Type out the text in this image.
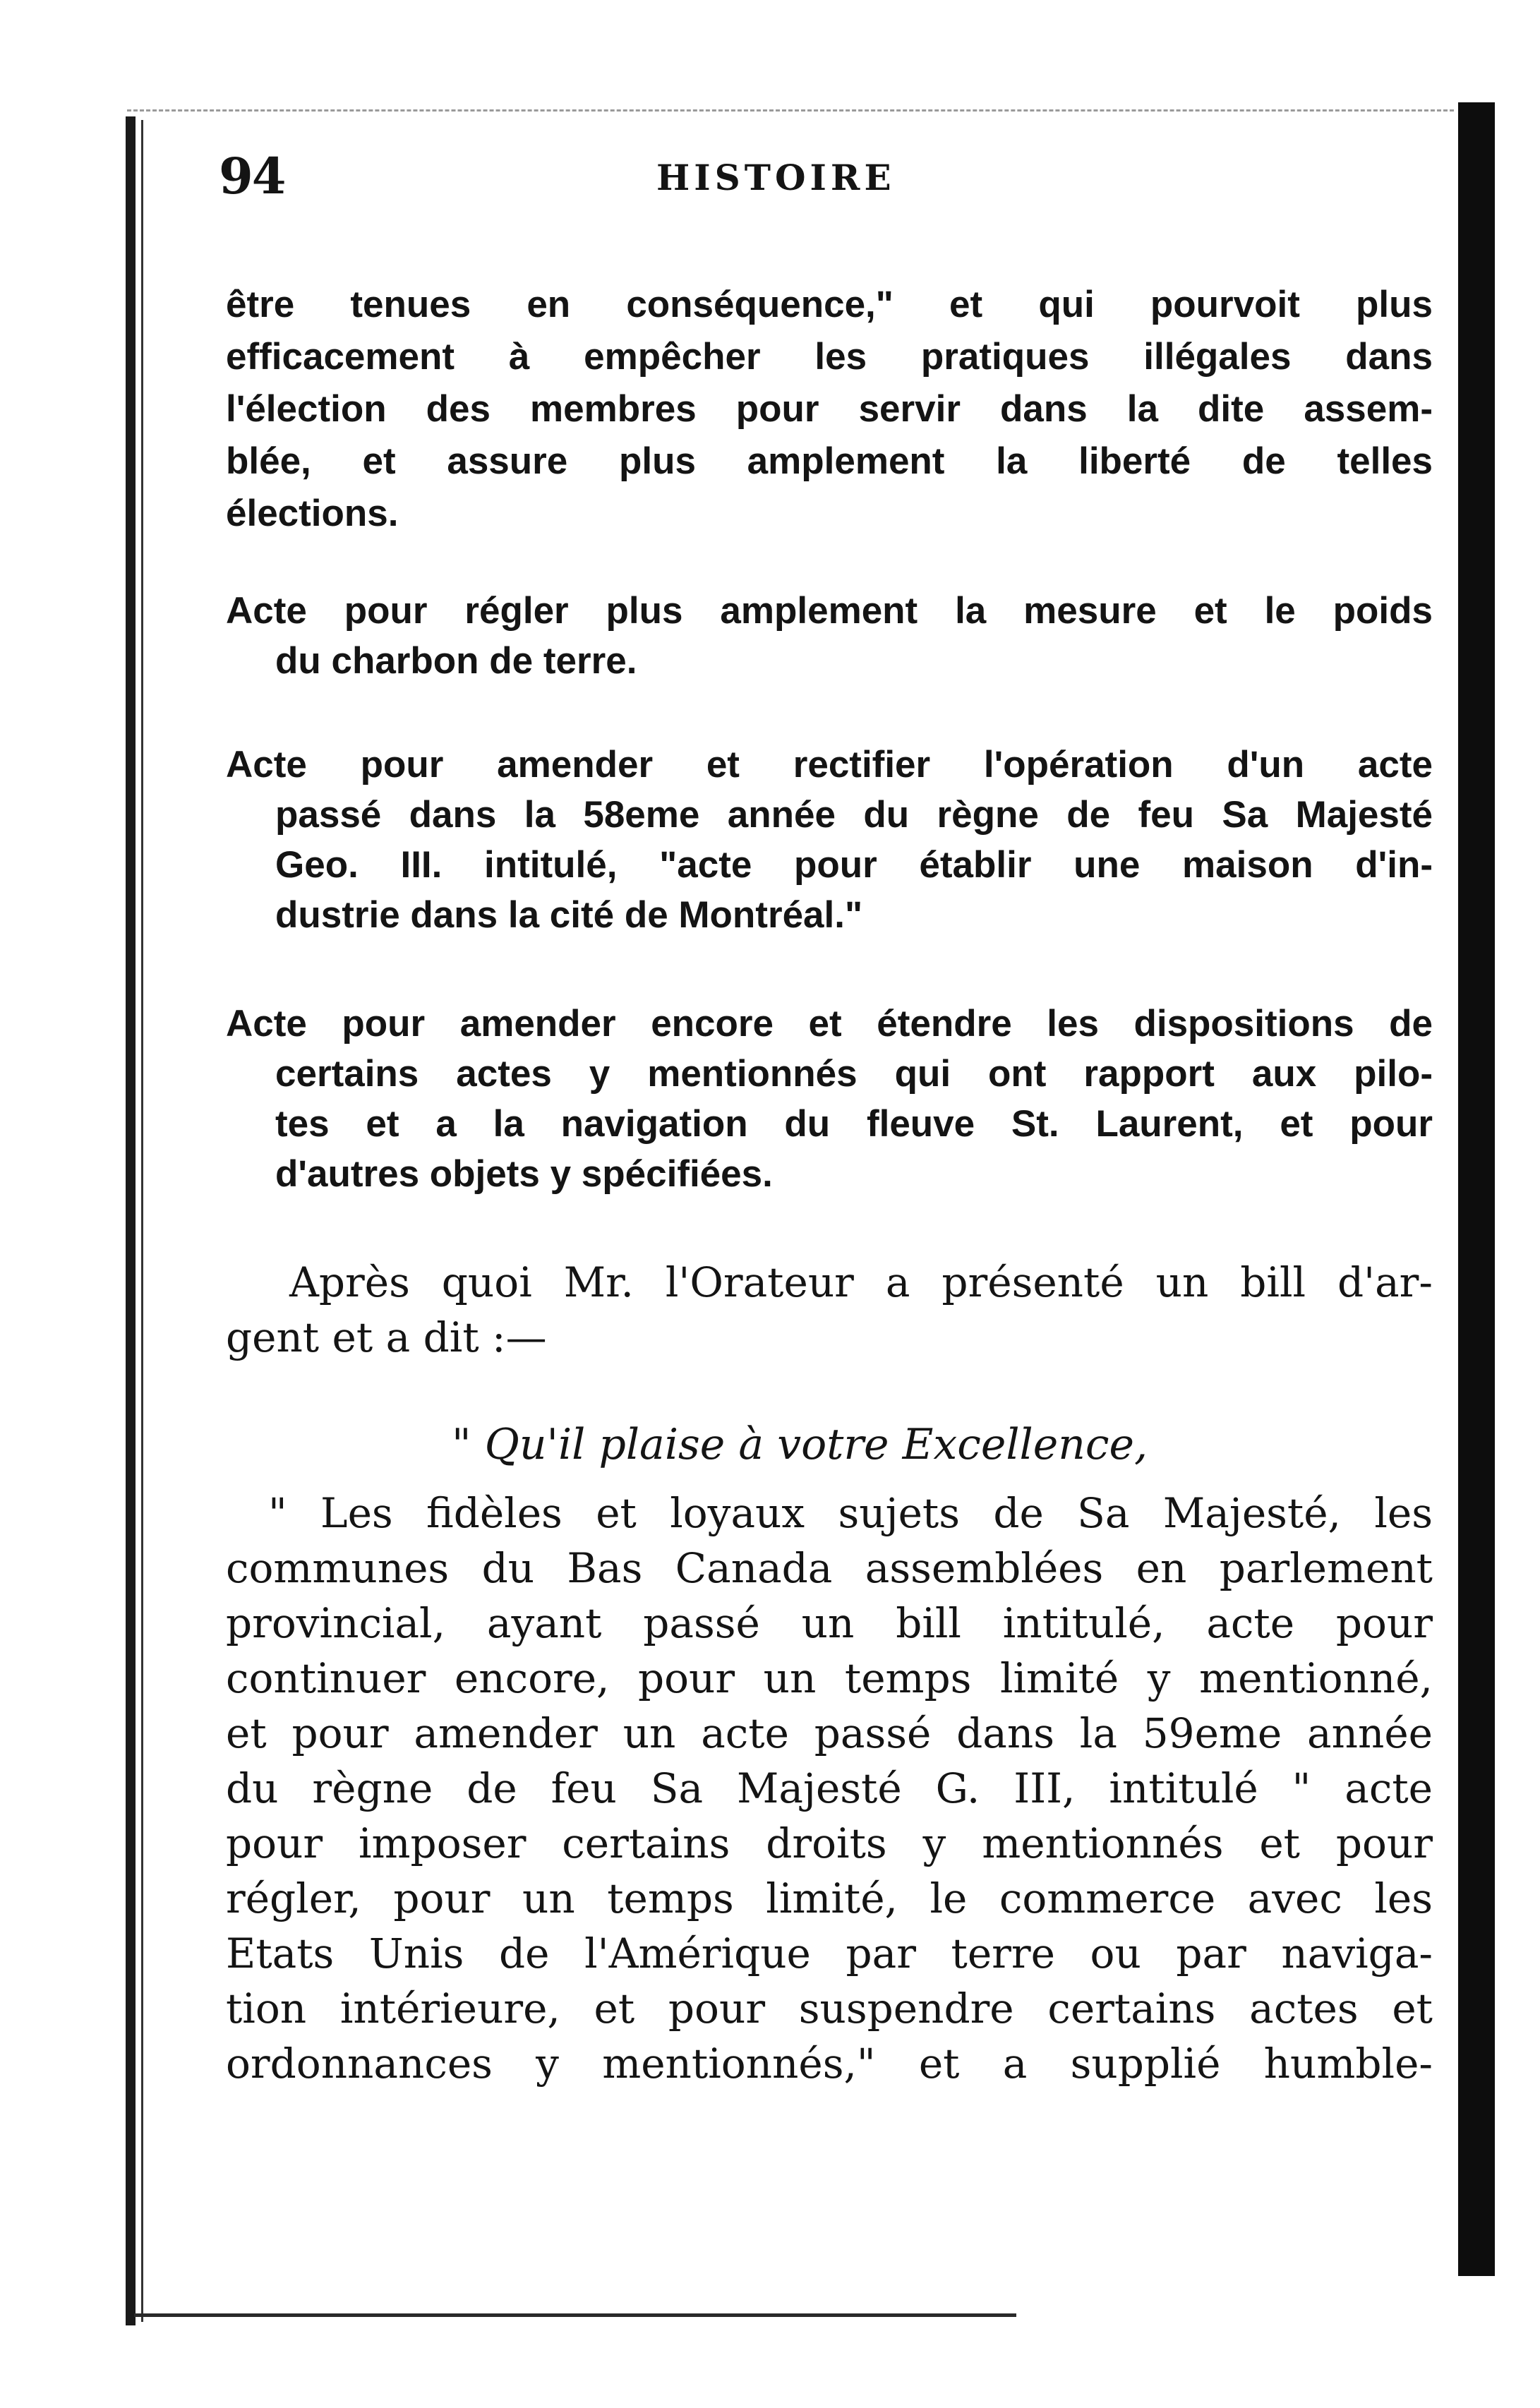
94	HISTOIRE
être tenues en conséquence," et qui pourvoit plus
efficacement à empêcher les pratiques illégales dans
l'élection des membres pour servir dans la dite assem-
blée, et assure plus amplement la liberté de telles
élections.
Acte pour régler plus amplement la mesure et le poids
du charbon de terre.
Acte pour amender et rectifier l'opération d'un acte
passé dans la 58eme année du règne de feu Sa Majesté
Geo. III. intitulé, "acte pour établir une maison d'in-
dustrie dans la cité de Montréal."
Acte pour amender encore et étendre les dispositions de
certains actes y mentionnés qui ont rapport aux pilo-
tes et a la navigation du fleuve St. Laurent, et pour
d'autres objets y spécifiées.
Après quoi Mr. l'Orateur a présenté un bill d'ar-
gent et a dit :—
" Qu'il plaise à votre Excellence,
" Les fidèles et loyaux sujets de Sa Majesté, les
communes du Bas Canada assemblées en parlement
provincial, ayant passé un bill intitulé, acte pour
continuer encore, pour un temps limité y mentionné,
et pour amender un acte passé dans la 59eme année
du règne de feu Sa Majesté G. III, intitulé " acte
pour imposer certains droits y mentionnés et pour
régler, pour un temps limité, le commerce avec les
Etats Unis de l'Amérique par terre ou par naviga-
tion intérieure, et pour suspendre certains actes et
ordonnances y mentionnés," et a supplié humble-
